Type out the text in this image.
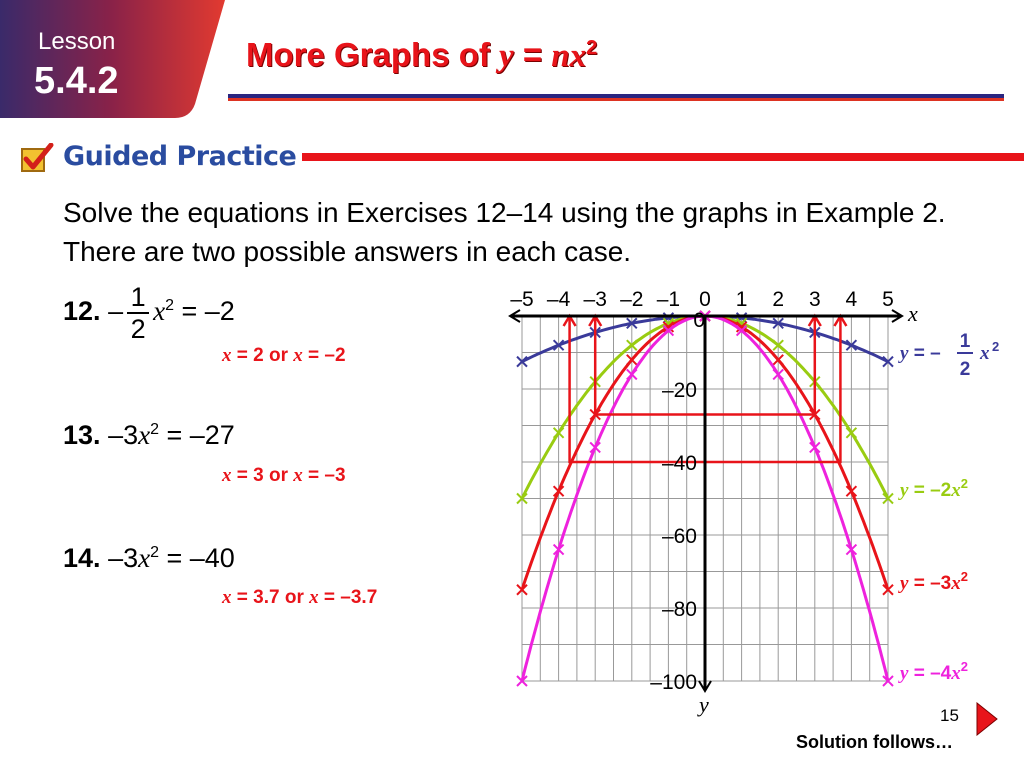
Lesson
5.4.2
More Graphs of $y = nx^2$
Guided Practice
Solve the equations in Exercises 12–14 using the graphs in Example 2. There are two possible answers in each case.
12. – $\frac{1}{2} x^2 = -2$
x = 2 or x = –2
13. $-3x^2 = -27$
x = 3 or x = –3
14. $-3x^2 = -40$
x = 3.7 or x = –3.7
–5 –4 –3 –2 –1 0 1 2 3 4 5
–20
–40
–60
–80
–100
0	x
y
y = –
1
2
x 2
$y = -2x^2$
$y = -3x^2$
$y = -4x^2$
15
Solution follows…
